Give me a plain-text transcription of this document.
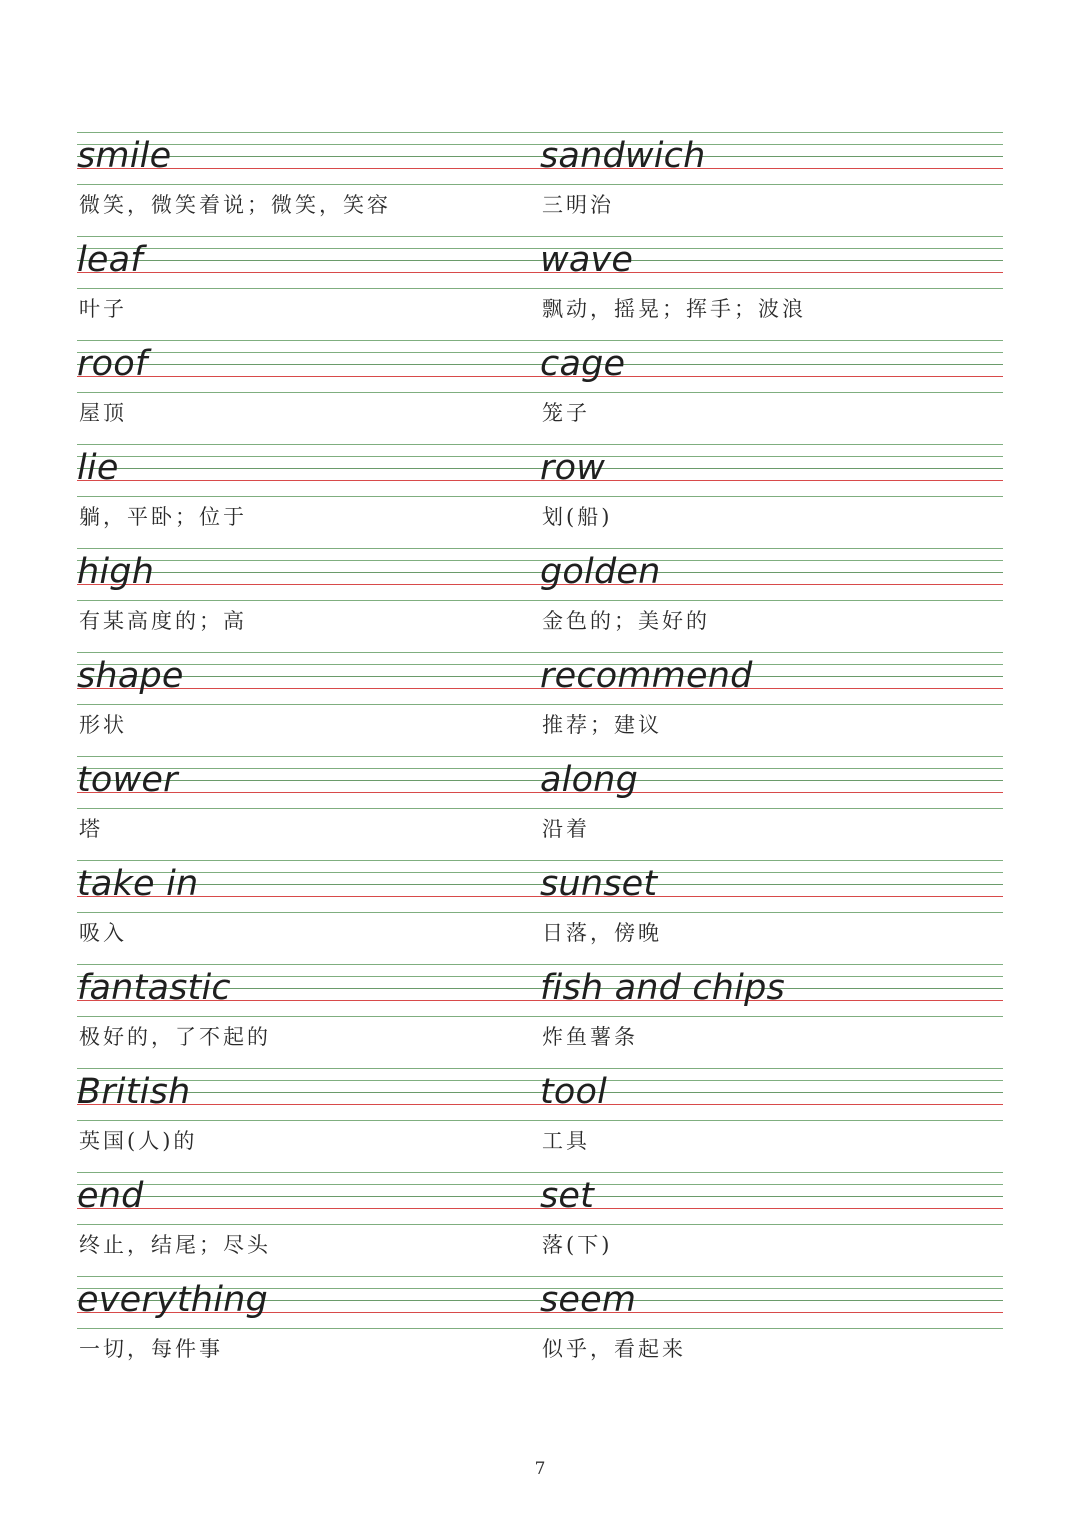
smile	sandwich
微笑，微笑着说；微笑，笑容	三明治
leaf	wave
叶子	飘动，摇晃；挥手；波浪
roof	cage
屋顶	笼子
lie	row
躺，平卧；位于	划(船)
high	golden
有某高度的；高	金色的；美好的
shape	recommend
形状	推荐；建议
tower	along
塔	沿着
take in	sunset
吸入	日落，傍晚
fantastic	fish and chips
极好的，了不起的	炸鱼薯条
British	tool
英国(人)的	工具
end	set
终止，结尾；尽头	落(下)
everything	seem
一切，每件事	似乎，看起来
7
